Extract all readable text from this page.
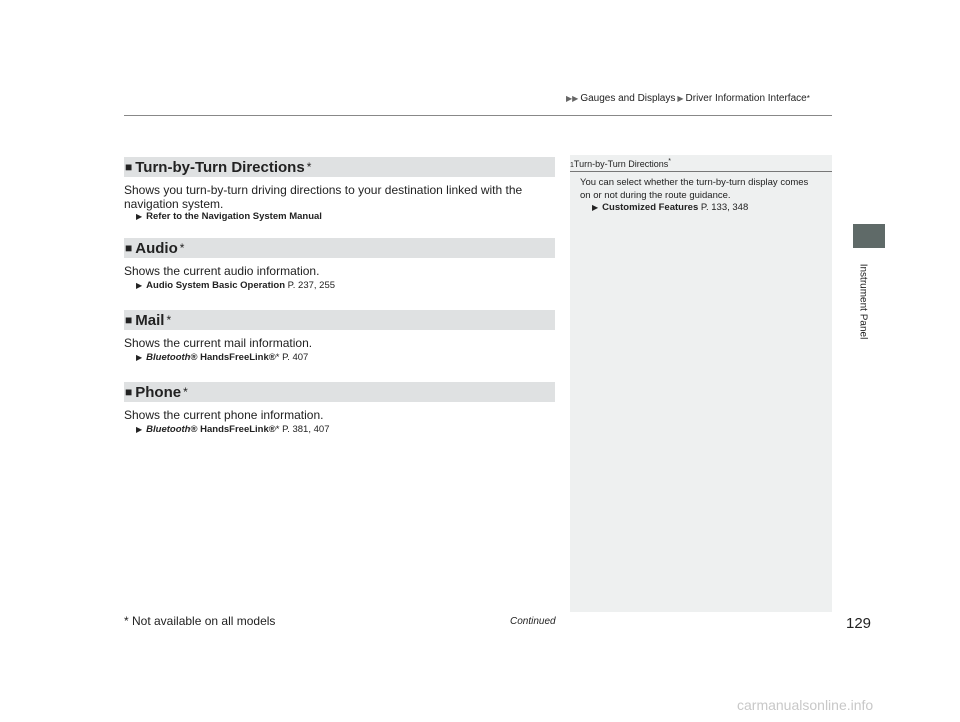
▶▶ Gauges and Displays ▶ Driver Information Interface *
Instrument Panel
■ Turn-by-Turn Directions *
Shows you turn-by-turn driving directions to your destination linked with the navigation system.
▶ Refer to the Navigation System Manual
■ Audio *
Shows the current audio information.
▶ Audio System Basic Operation P. 237, 255
■ Mail *
Shows the current mail information.
▶ Bluetooth® HandsFreeLink®* P. 407
■ Phone *
Shows the current phone information.
▶ Bluetooth® HandsFreeLink®* P. 381, 407
1Turn-by-Turn Directions*
You can select whether the turn-by-turn display comes on or not during the route guidance.
▶ Customized Features P. 133, 348
* Not available on all models	Continued	129
carmanualsonline.info
